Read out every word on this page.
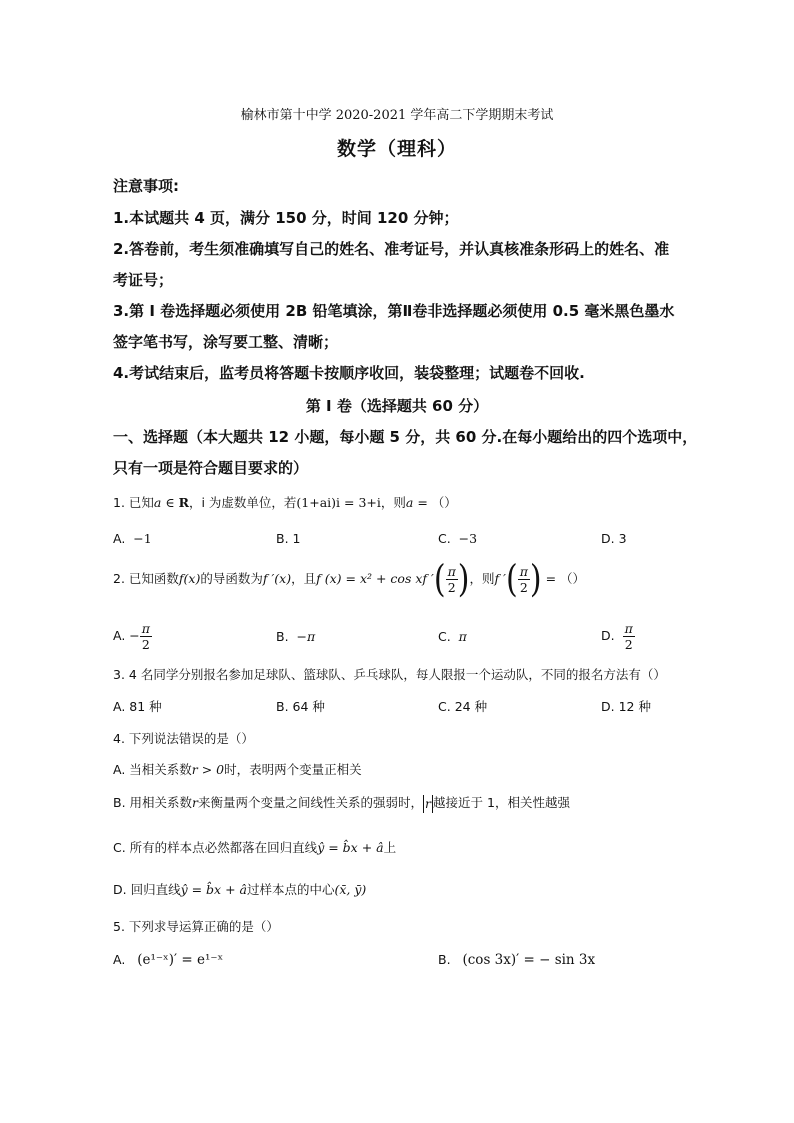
榆林市第十中学 2020-2021 学年高二下学期期末考试
数学（理科）
注意事项:
1.本试题共 4 页，满分 150 分，时间 120 分钟；
2.答卷前，考生须准确填写自己的姓名、准考证号，并认真核准条形码上的姓名、准
考证号；
3.第 Ⅰ 卷选择题必须使用 2B 铅笔填涂，第Ⅱ卷非选择题必须使用 0.5 毫米黑色墨水
签字笔书写，涂写要工整、清晰；
4.考试结束后，监考员将答题卡按顺序收回，装袋整理；试题卷不回收.
第 Ⅰ 卷（选择题共 60 分）
一、选择题（本大题共 12 小题，每小题 5 分，共 60 分.在每小题给出的四个选项中，
只有一项是符合题目要求的）
1. 已知a ∈ R，i 为虚数单位，若(1+ai)i = 3+i，则a = （）
A. −1	B. 1	C. −3	D. 3
2. 已知函数f(x)的导函数为f ′(x)，且f (x) = x² + cos xf ′( $\frac{\pi}{2}$ )，则f ′( $\frac{\pi}{2}$ ) = （）
A. − $\frac{\pi}{2}$	B. −π	C. π	D. $\frac{\pi}{2}$
3. 4 名同学分别报名参加足球队、篮球队、乒乓球队，每人限报一个运动队，不同的报名方法有（）
A. 81 种	B. 64 种	C. 24 种	D. 12 种
4. 下列说法错误的是（）
A. 当相关系数r > 0时，表明两个变量正相关
B. 用相关系数r来衡量两个变量之间线性关系的强弱时， r 越接近于 1，相关性越强
C. 所有的样本点必然都落在回归直线ŷ = b̂x + â上
D. 回归直线ŷ = b̂x + â过样本点的中心(x̄, ȳ)
5. 下列求导运算正确的是（）
A. (e¹⁻ˣ)′ = e¹⁻ˣ	B. (cos 3x)′ = − sin 3x
